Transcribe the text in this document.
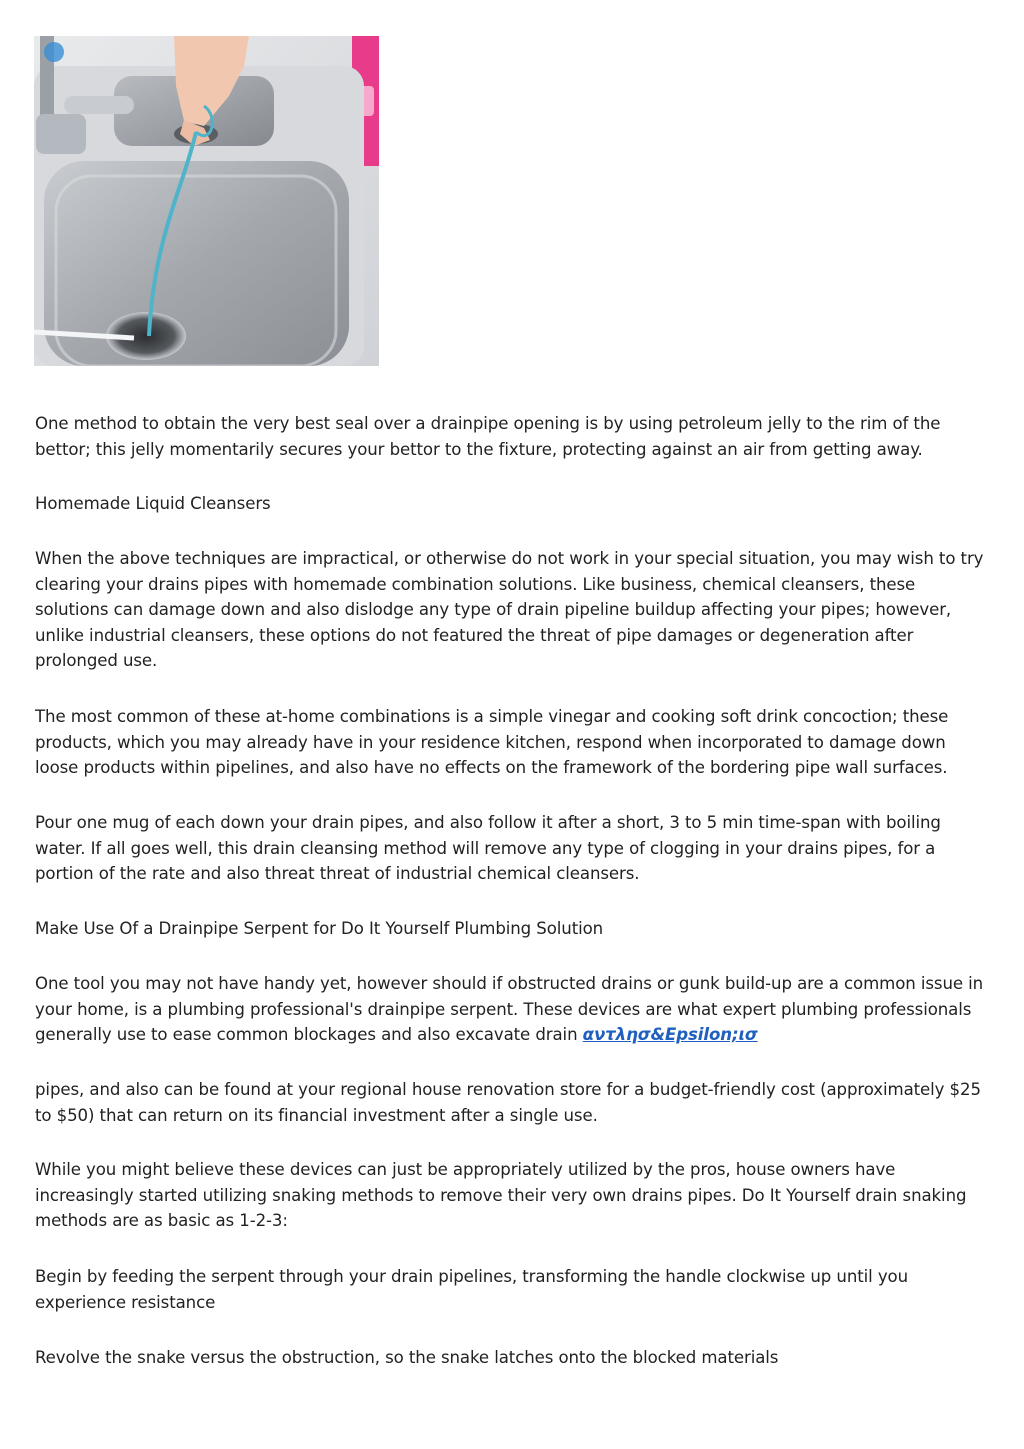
One method to obtain the very best seal over a drainpipe opening is by using petroleum jelly to the rim of the bettor; this jelly momentarily secures your bettor to the fixture, protecting against an air from getting away.

Homemade Liquid Cleansers

When the above techniques are impractical, or otherwise do not work in your special situation, you may wish to try clearing your drains pipes with homemade combination solutions. Like business, chemical cleansers, these solutions can damage down and also dislodge any type of drain pipeline buildup affecting your pipes; however, unlike industrial cleansers, these options do not featured the threat of pipe damages or degeneration after prolonged use.

The most common of these at-home combinations is a simple vinegar and cooking soft drink concoction; these products, which you may already have in your residence kitchen, respond when incorporated to damage down loose products within pipelines, and also have no effects on the framework of the bordering pipe wall surfaces.

Pour one mug of each down your drain pipes, and also follow it after a short, 3 to 5 min time-span with boiling water. If all goes well, this drain cleansing method will remove any type of clogging in your drains pipes, for a portion of the rate and also threat threat of industrial chemical cleansers.

Make Use Of a Drainpipe Serpent for Do It Yourself Plumbing Solution

One tool you may not have handy yet, however should if obstructed drains or gunk build-up are a common issue in your home, is a plumbing professional's drainpipe serpent. These devices are what expert plumbing professionals generally use to ease common blockages and also excavate drain αντλησ&Epsilon;ισ

pipes, and also can be found at your regional house renovation store for a budget-friendly cost (approximately $25 to $50) that can return on its financial investment after a single use.

While you might believe these devices can just be appropriately utilized by the pros, house owners have increasingly started utilizing snaking methods to remove their very own drains pipes. Do It Yourself drain snaking methods are as basic as 1-2-3:

Begin by feeding the serpent through your drain pipelines, transforming the handle clockwise up until you experience resistance

Revolve the snake versus the obstruction, so the snake latches onto the blocked materials
